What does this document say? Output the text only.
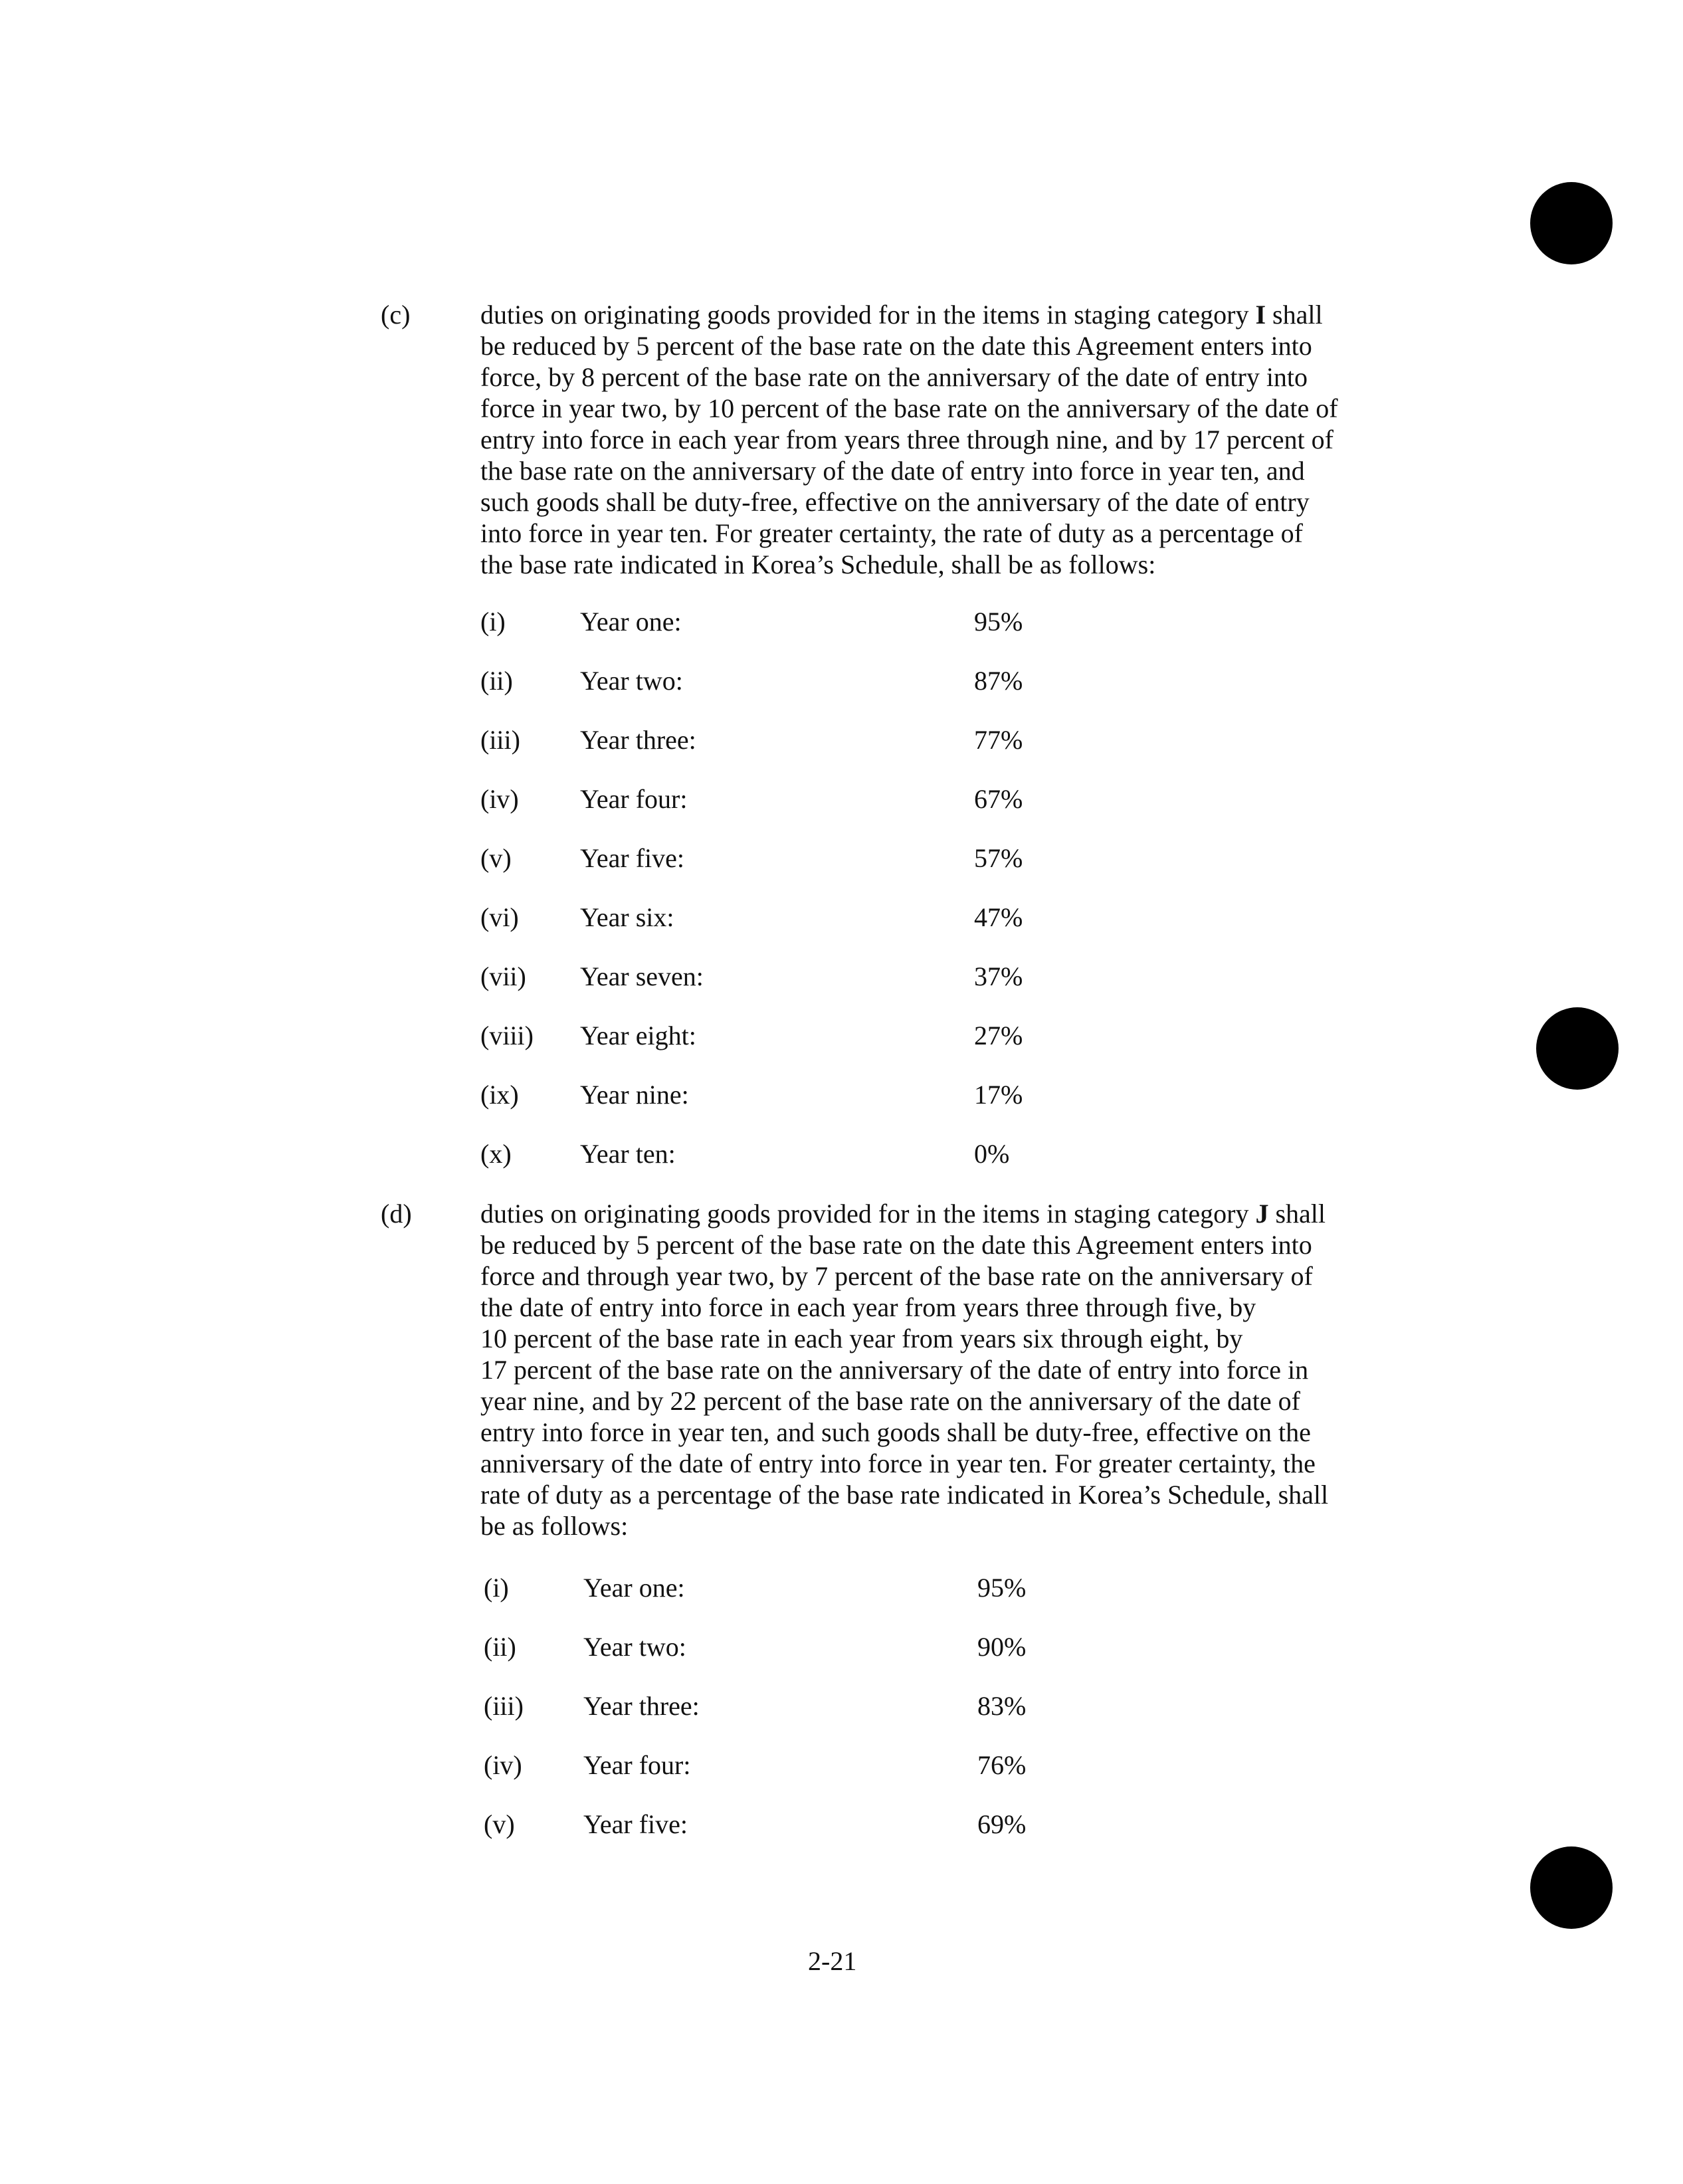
(c)	duties on originating goods provided for in the items in staging category I shall
be reduced by 5 percent of the base rate on the date this Agreement enters into
force, by 8 percent of the base rate on the anniversary of the date of entry into
force in year two, by 10 percent of the base rate on the anniversary of the date of
entry into force in each year from years three through nine, and by 17 percent of
the base rate on the anniversary of the date of entry into force in year ten, and
such goods shall be duty-free, effective on the anniversary of the date of entry
into force in year ten. For greater certainty, the rate of duty as a percentage of
the base rate indicated in Korea’s Schedule, shall be as follows:
(i)	Year one:	95%
(ii)	Year two:	87%
(iii) Year three:	77%
(iv) Year four:	67%
(v)	Year five:	57%
(vi) Year six:	47%
(vii) Year seven:	37%
(viii) Year eight:	27%
(ix) Year nine:	17%
(x)	Year ten:	0%
(d)	duties on originating goods provided for in the items in staging category J shall
be reduced by 5 percent of the base rate on the date this Agreement enters into
force and through year two, by 7 percent of the base rate on the anniversary of
the date of entry into force in each year from years three through five, by
10 percent of the base rate in each year from years six through eight, by
17 percent of the base rate on the anniversary of the date of entry into force in
year nine, and by 22 percent of the base rate on the anniversary of the date of
entry into force in year ten, and such goods shall be duty-free, effective on the
anniversary of the date of entry into force in year ten. For greater certainty, the
rate of duty as a percentage of the base rate indicated in Korea’s Schedule, shall
be as follows:
(i)	Year one:	95%
(ii)	Year two:	90%
(iii) Year three:	83%
(iv) Year four:	76%
(v)	Year five:	69%
2-21
